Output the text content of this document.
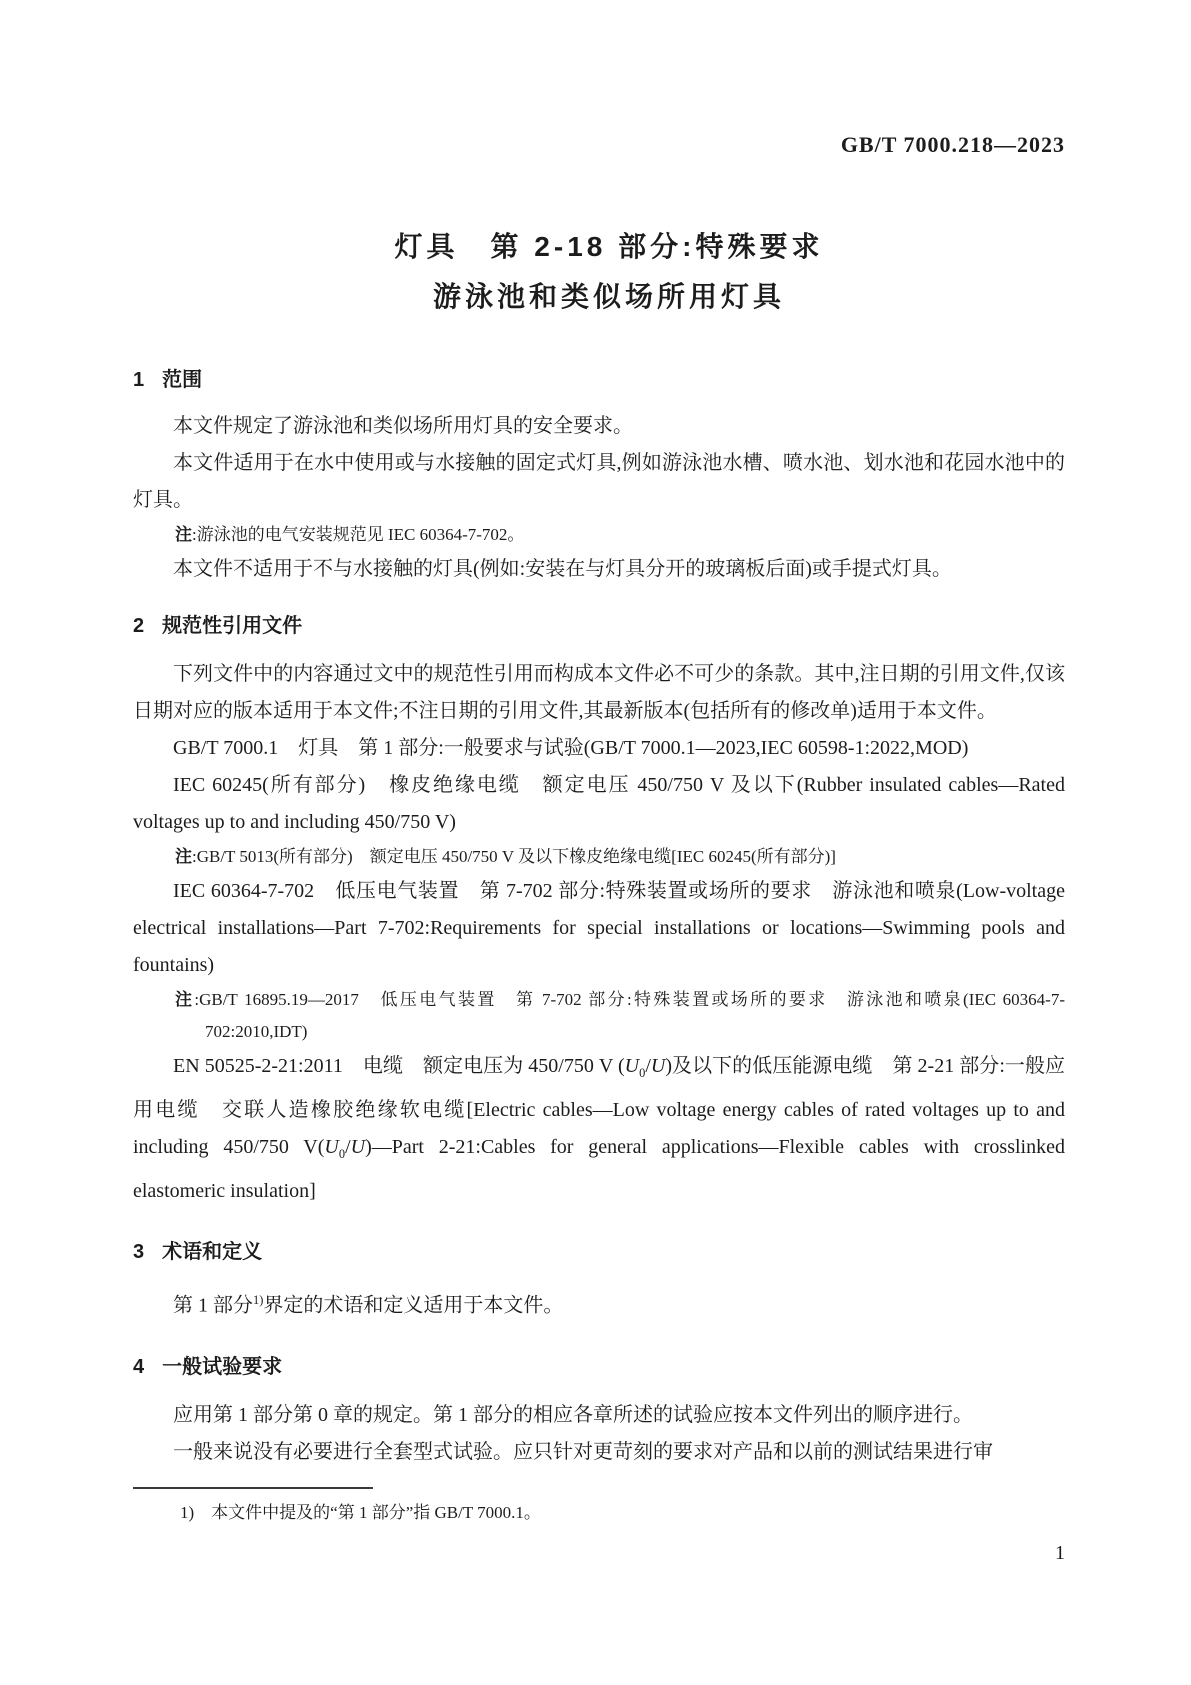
GB/T 7000.218—2023
灯具　第 2-18 部分:特殊要求
游泳池和类似场所用灯具
1 范围

本文件规定了游泳池和类似场所用灯具的安全要求。

本文件适用于在水中使用或与水接触的固定式灯具,例如游泳池水槽、喷水池、划水池和花园水池中的灯具。

注:游泳池的电气安装规范见 IEC 60364-7-702。

本文件不适用于不与水接触的灯具(例如:安装在与灯具分开的玻璃板后面)或手提式灯具。

2 规范性引用文件

下列文件中的内容通过文中的规范性引用而构成本文件必不可少的条款。其中,注日期的引用文件,仅该日期对应的版本适用于本文件;不注日期的引用文件,其最新版本(包括所有的修改单)适用于本文件。

GB/T 7000.1　灯具　第 1 部分:一般要求与试验(GB/T 7000.1—2023,IEC 60598-1:2022,MOD)

IEC 60245(所有部分)　橡皮绝缘电缆　额定电压 450/750 V 及以下(Rubber insulated cables—Rated voltages up to and including 450/750 V)

注:GB/T 5013(所有部分)　额定电压 450/750 V 及以下橡皮绝缘电缆[IEC 60245(所有部分)]

IEC 60364-7-702　低压电气装置　第 7-702 部分:特殊装置或场所的要求　游泳池和喷泉(Low-voltage electrical installations—Part 7-702:Requirements for special installations or locations—Swimming pools and fountains)

注:GB/T 16895.19—2017　低压电气装置　第 7-702 部分:特殊装置或场所的要求　游泳池和喷泉(IEC 60364-7-702:2010,IDT)

EN 50525-2-21:2011　电缆　额定电压为 450/750 V $(U_0/U)$及以下的低压能源电缆　第 2-21 部分:一般应用电缆　交联人造橡胶绝缘软电缆[Electric cables—Low voltage energy cables of rated voltages up to and including 450/750 $V(U_0/U)—Part$ 2-21:Cables for general applications—Flexible cables with crosslinked elastomeric insulation]

3 术语和定义

第 1 部分$^{1)}$界定的术语和定义适用于本文件。

4 一般试验要求

应用第 1 部分第 0 章的规定。第 1 部分的相应各章所述的试验应按本文件列出的顺序进行。

一般来说没有必要进行全套型式试验。应只针对更苛刻的要求对产品和以前的测试结果进行审

1)　本文件中提及的“第 1 部分”指 GB/T 7000.1。
1
